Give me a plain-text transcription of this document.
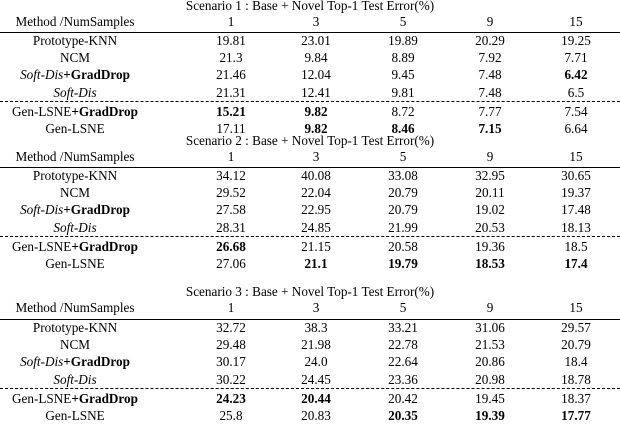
Scenario 1 : Base + Novel Top-1 Test Error(%)
Method /NumSamples	1	3	5	9	15
Prototype-KNN	19.81	23.01	19.89	20.29	19.25
NCM	21.3	9.84	8.89	7.92	7.71
Soft-Dis+GradDrop	21.46	12.04	9.45	7.48	6.42
Soft-Dis	21.31	12.41	9.81	7.48	6.5
Gen-LSNE+GradDrop	15.21	9.82	8.72	7.77	7.54
Gen-LSNE	17.11	9.82	8.46	7.15	6.64
Scenario 2 : Base + Novel Top-1 Test Error(%)
Method /NumSamples	1	3	5	9	15
Prototype-KNN	34.12	40.08	33.08	32.95	30.65
NCM	29.52	22.04	20.79	20.11	19.37
Soft-Dis+GradDrop	27.58	22.95	20.79	19.02	17.48
Soft-Dis	28.31	24.85	21.99	20.53	18.13
Gen-LSNE+GradDrop	26.68	21.15	20.58	19.36	18.5
Gen-LSNE	27.06	21.1	19.79	18.53	17.4
Scenario 3 : Base + Novel Top-1 Test Error(%)
Method /NumSamples	1	3	5	9	15
Prototype-KNN	32.72	38.3	33.21	31.06	29.57
NCM	29.48	21.98	22.78	21.53	20.79
Soft-Dis+GradDrop	30.17	24.0	22.64	20.86	18.4
Soft-Dis	30.22	24.45	23.36	20.98	18.78
Gen-LSNE+GradDrop	24.23	20.44	20.42	19.45	18.37
Gen-LSNE	25.8	20.83	20.35	19.39	17.77
